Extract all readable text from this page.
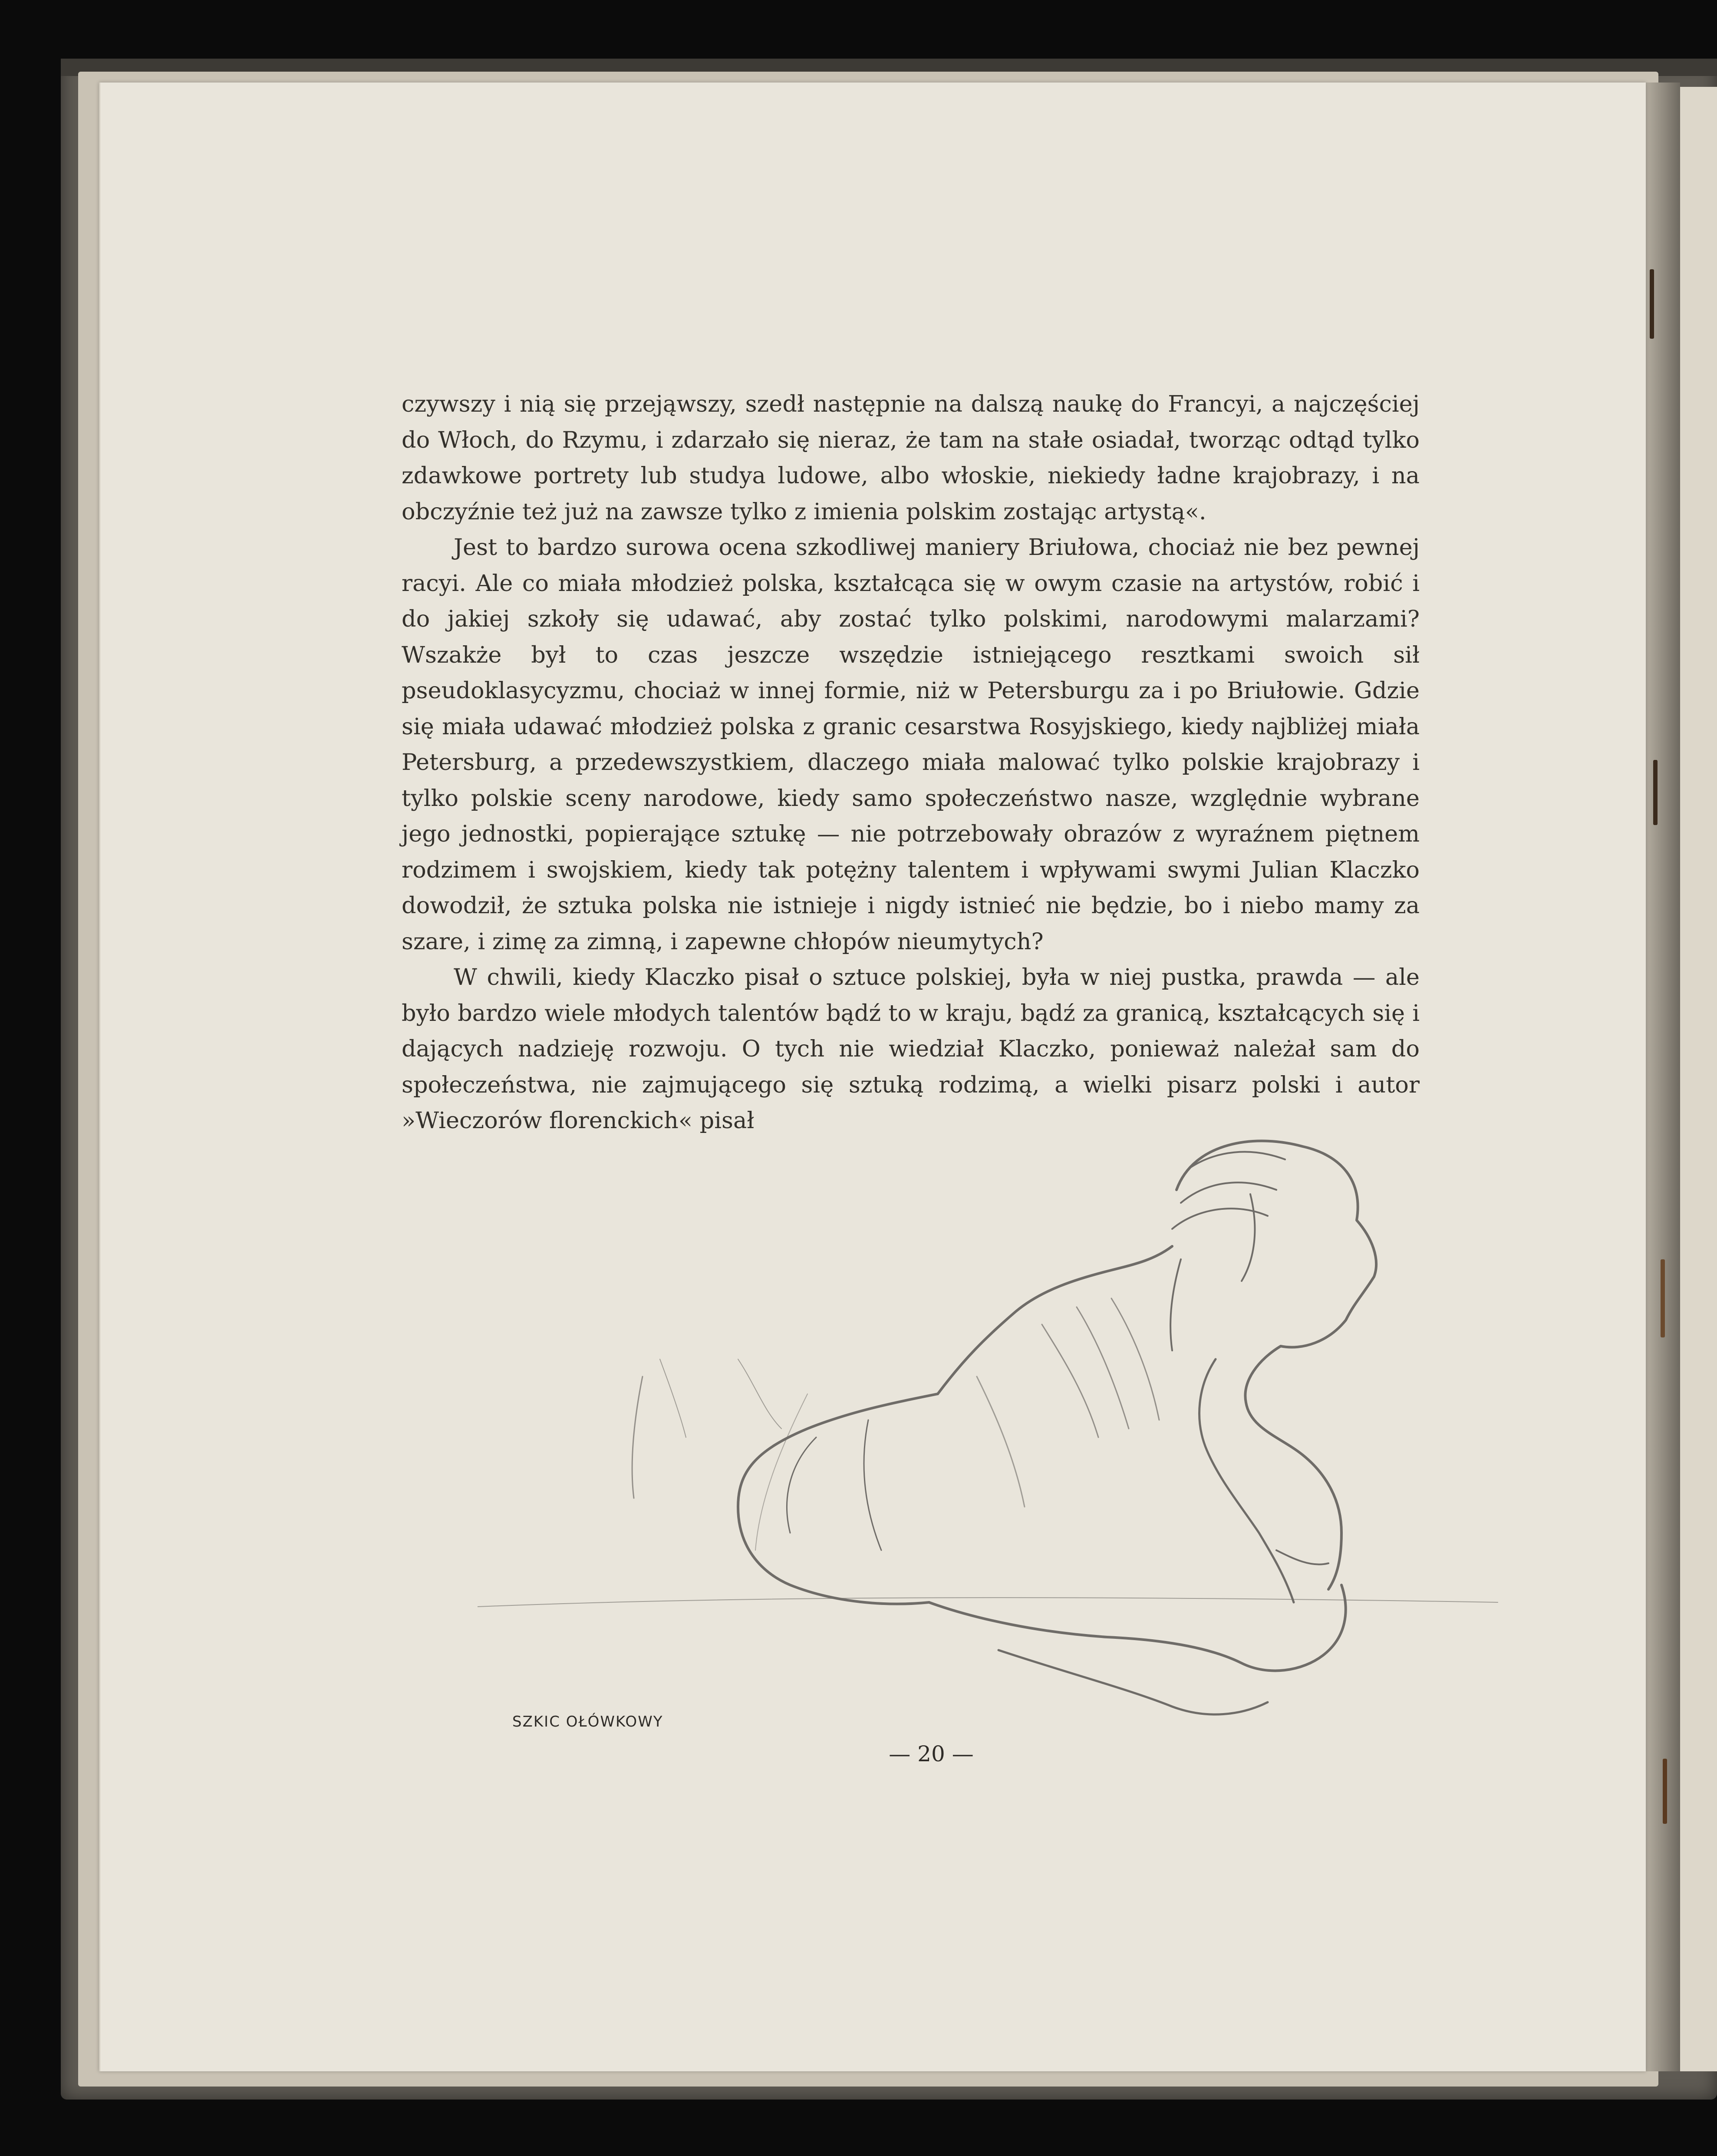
czywszy i nią się przejąwszy, szedł następnie na dalszą naukę do Francyi, a najczęściej do Włoch, do Rzymu, i zdarzało się nieraz, że tam na stałe osiadał, tworząc odtąd tylko zdawkowe portrety lub studya ludowe, albo włoskie, niekiedy ładne krajobrazy, i na obczyźnie też już na zawsze tylko z imienia polskim zostając artystą«.

Jest to bardzo surowa ocena szkodliwej maniery Briułowa, chociaż nie bez pewnej racyi. Ale co miała młodzież polska, kształcąca się w owym czasie na artystów, robić i do jakiej szkoły się udawać, aby zostać tylko polskimi, narodowymi malarzami? Wszakże był to czas jeszcze wszędzie istniejącego resztkami swoich sił pseudoklasycyzmu, chociaż w innej formie, niż w Petersburgu za i po Briułowie. Gdzie się miała udawać młodzież polska z granic cesarstwa Rosyjskiego, kiedy najbliżej miała Petersburg, a przedewszystkiem, dlaczego miała malować tylko polskie krajobrazy i tylko polskie sceny narodowe, kiedy samo społeczeństwo nasze, względnie wybrane jego jednostki, popierające sztukę — nie potrzebowały obrazów z wyraźnem piętnem rodzimem i swojskiem, kiedy tak potężny talentem i wpływami swymi Julian Klaczko dowodził, że sztuka polska nie istnieje i nigdy istnieć nie będzie, bo i niebo mamy za szare, i zimę za zimną, i zapewne chłopów nieumytych?

W chwili, kiedy Klaczko pisał o sztuce polskiej, była w niej pustka, prawda — ale było bardzo wiele młodych talentów bądź to w kraju, bądź za granicą, kształcących się i dających nadzieję rozwoju. O tych nie wiedział Klaczko, ponieważ należał sam do społeczeństwa, nie zajmującego się sztuką rodzimą, a wielki pisarz polski i autor »Wieczorów florenckich« pisał

SZKIC OŁÓWKOWY
— 20 —
